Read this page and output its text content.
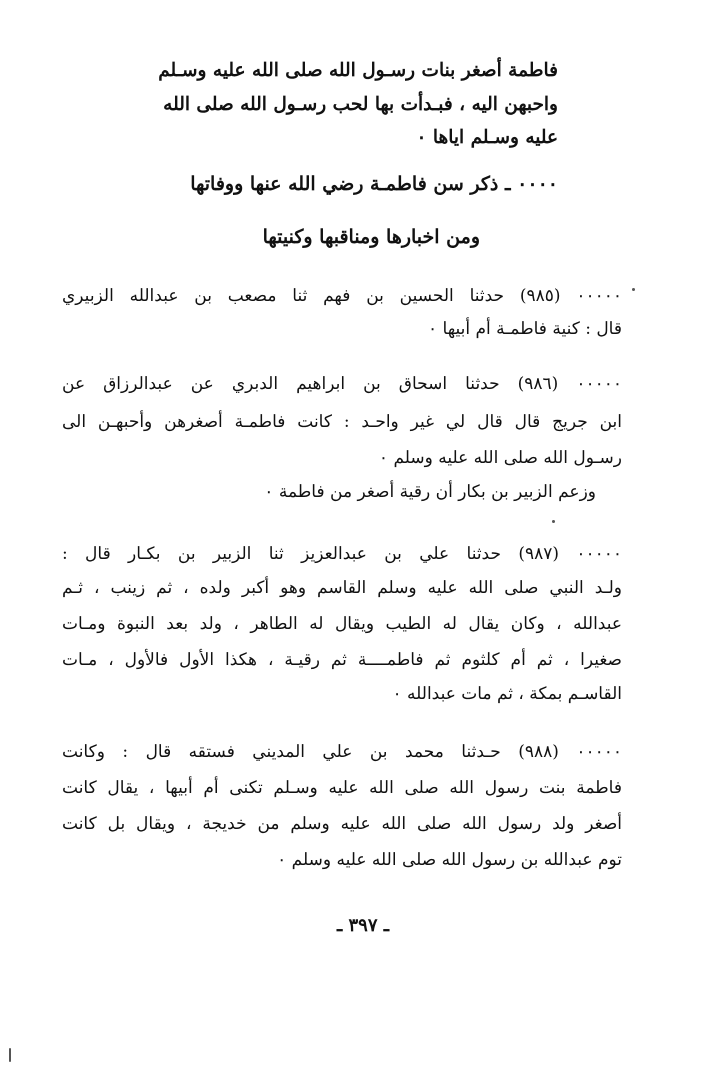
فاطمة أصغر بنات رسـول الله صلى الله عليه وسـلم
واحبهن اليه ، فبـدأت بها لحب رسـول الله صلى الله
عليه وسـلم اياها ٠
٠٠٠٠ ـ ذكر سن فاطمـة رضي الله عنها ووفاتها
ومن اخبارها ومناقبها وكنيتها
٠٠٠٠٠ (٩٨٥) حدثنا الحسين بن فهم ثنا مصعب بن عبدالله الزبيري
قال : كنية فاطمـة أم أبيها ٠
٠٠٠٠٠ (٩٨٦) حدثنا اسحاق بن ابراهيم الدبري عن عبدالرزاق عن
ابن جريج قال قال لي غير واحـد : كانت فاطمـة أصغرهن وأحبهـن الى
رسـول الله صلى الله عليه وسلم ٠
وزعم الزبير بن بكار أن رقية أصغر من فاطمة ٠
٠٠٠٠٠ (٩٨٧) حدثنا علي بن عبدالعزيز ثنا الزبير بن بكـار قال :
ولـد النبي صلى الله عليه وسلم القاسم وهو أكبر ولده ، ثم زينب ، ثـم
عبدالله ، وكان يقال له الطيب ويقال له الطاهر ، ولد بعد النبوة ومـات
صغيرا ، ثم أم كلثوم ثم فاطمــــة ثم رقيـة ، هكذا الأول فالأول ، مـات
القاسـم بمكة ، ثم مات عبدالله ٠
٠٠٠٠٠ (٩٨٨) حـدثنا محمد بن علي المديني فستقه قال : وكانت
فاطمة بنت رسول الله صلى الله عليه وسـلم تكنى أم أبيها ، يقال كانت
أصغر ولد رسول الله صلى الله عليه وسلم من خديجة ، ويقال بل كانت
توم عبدالله بن رسول الله صلى الله عليه وسلم ٠
ـ ٣٩٧ ـ
